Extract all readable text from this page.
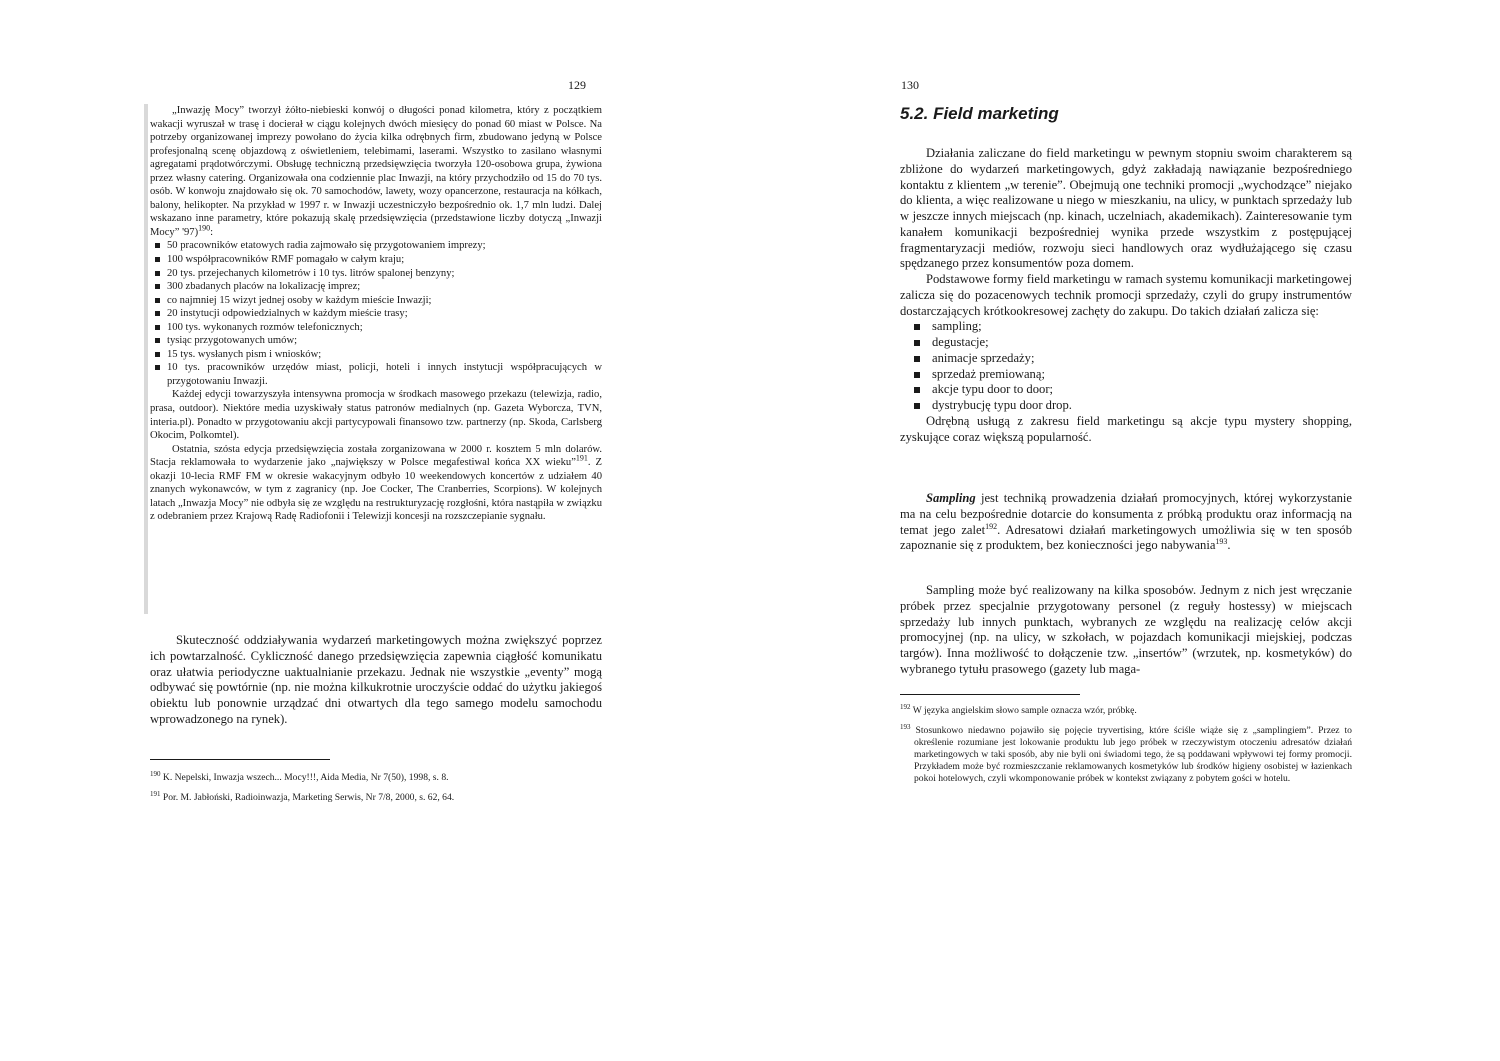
129

„Inwazję Mocy” tworzył żółto-niebieski konwój o długości ponad kilometra, który z początkiem wakacji wyruszał w trasę i docierał w ciągu kolejnych dwóch miesięcy do ponad 60 miast w Polsce. Na potrzeby organizowanej imprezy powołano do życia kilka odrębnych firm, zbudowano jedyną w Polsce profesjonalną scenę objazdową z oświetleniem, telebimami, laserami. Wszystko to zasilano własnymi agregatami prądotwórczymi. Obsługę techniczną przedsięwzięcia tworzyła 120-osobowa grupa, żywiona przez własny catering. Organizowała ona codziennie plac Inwazji, na który przychodziło od 15 do 70 tys. osób. W konwoju znajdowało się ok. 70 samochodów, lawety, wozy opancerzone, restauracja na kółkach, balony, helikopter. Na przykład w 1997 r. w Inwazji uczestniczyło bezpośrednio ok. 1,7 mln ludzi. Dalej wskazano inne parametry, które pokazują skalę przedsięwzięcia (przedstawione liczby dotyczą „Inwazji Mocy” '97)$^{190}$:

50 pracowników etatowych radia zajmowało się przygotowaniem imprezy;
100 współpracowników RMF pomagało w całym kraju;
20 tys. przejechanych kilometrów i 10 tys. litrów spalonej benzyny;
300 zbadanych placów na lokalizację imprez;
co najmniej 15 wizyt jednej osoby w każdym mieście Inwazji;
20 instytucji odpowiedzialnych w każdym mieście trasy;
100 tys. wykonanych rozmów telefonicznych;
tysiąc przygotowanych umów;
15 tys. wysłanych pism i wniosków;
10 tys. pracowników urzędów miast, policji, hoteli i innych instytucji współpracujących w przygotowaniu Inwazji.

Każdej edycji towarzyszyła intensywna promocja w środkach masowego przekazu (telewizja, radio, prasa, outdoor). Niektóre media uzyskiwały status patronów medialnych (np. Gazeta Wyborcza, TVN, interia.pl). Ponadto w przygotowaniu akcji partycypowali finansowo tzw. partnerzy (np. Skoda, Carlsberg Okocim, Polkomtel).

Ostatnia, szósta edycja przedsięwzięcia została zorganizowana w 2000 r. kosztem 5 mln dolarów. Stacja reklamowała to wydarzenie jako „największy w Polsce megafestiwal końca XX wieku”$^{191}$. Z okazji 10-lecia RMF FM w okresie wakacyjnym odbyło 10 weekendowych koncertów z udziałem 40 znanych wykonawców, w tym z zagranicy (np. Joe Cocker, The Cranberries, Scorpions). W kolejnych latach „Inwazja Mocy” nie odbyła się ze względu na restrukturyzację rozgłośni, która nastąpiła w związku z odebraniem przez Krajową Radę Radiofonii i Telewizji koncesji na rozszczepianie sygnału.

Skuteczność oddziaływania wydarzeń marketingowych można zwiększyć poprzez ich powtarzalność. Cykliczność danego przedsięwzięcia zapewnia ciągłość komunikatu oraz ułatwia periodyczne uaktualnianie przekazu. Jednak nie wszystkie „eventy” mogą odbywać się powtórnie (np. nie można kilkukrotnie uroczyście oddać do użytku jakiegoś obiektu lub ponownie urządzać dni otwartych dla tego samego modelu samochodu wprowadzonego na rynek).

$^{190}$ K. Nepelski, Inwazja wszech... Mocy!!!, Aida Media, Nr 7(50), 1998, s. 8.

$^{191}$ Por. M. Jabłoński, Radioinwazja, Marketing Serwis, Nr 7/8, 2000, s. 62, 64.

130
5.2. Field marketing

Działania zaliczane do field marketingu w pewnym stopniu swoim charakterem są zbliżone do wydarzeń marketingowych, gdyż zakładają nawiązanie bezpośredniego kontaktu z klientem „w terenie”. Obejmują one techniki promocji „wychodzące” niejako do klienta, a więc realizowane u niego w mieszkaniu, na ulicy, w punktach sprzedaży lub w jeszcze innych miejscach (np. kinach, uczelniach, akademikach). Zainteresowanie tym kanałem komunikacji bezpośredniej wynika przede wszystkim z postępującej fragmentaryzacji mediów, rozwoju sieci handlowych oraz wydłużającego się czasu spędzanego przez konsumentów poza domem.

Podstawowe formy field marketingu w ramach systemu komunikacji marketingowej zalicza się do pozacenowych technik promocji sprzedaży, czyli do grupy instrumentów dostarczających krótkookresowej zachęty do zakupu. Do takich działań zalicza się:

sampling;
degustacje;
animacje sprzedaży;
sprzedaż premiowaną;
akcje typu door to door;
dystrybucję typu door drop.

Odrębną usługą z zakresu field marketingu są akcje typu mystery shopping, zyskujące coraz większą popularność.

Sampling jest techniką prowadzenia działań promocyjnych, której wykorzystanie ma na celu bezpośrednie dotarcie do konsumenta z próbką produktu oraz informacją na temat jego zalet$^{192}$. Adresatowi działań marketingowych umożliwia się w ten sposób zapoznanie się z produktem, bez konieczności jego nabywania$^{193}$.

Sampling może być realizowany na kilka sposobów. Jednym z nich jest wręczanie próbek przez specjalnie przygotowany personel (z reguły hostessy) w miejscach sprzedaży lub innych punktach, wybranych ze względu na realizację celów akcji promocyjnej (np. na ulicy, w szkołach, w pojazdach komunikacji miejskiej, podczas targów). Inna możliwość to dołączenie tzw. „insertów” (wrzutek, np. kosmetyków) do wybranego tytułu prasowego (gazety lub maga-

$^{192}$ W języka angielskim słowo sample oznacza wzór, próbkę.

$^{193}$ Stosunkowo niedawno pojawiło się pojęcie tryvertising, które ściśle wiąże się z „samplingiem”. Przez to określenie rozumiane jest lokowanie produktu lub jego próbek w rzeczywistym otoczeniu adresatów działań marketingowych w taki sposób, aby nie byli oni świadomi tego, że są poddawani wpływowi tej formy promocji. Przykładem może być rozmieszczanie reklamowanych kosmetyków lub środków higieny osobistej w łazienkach pokoi hotelowych, czyli wkomponowanie próbek w kontekst związany z pobytem gości w hotelu.
